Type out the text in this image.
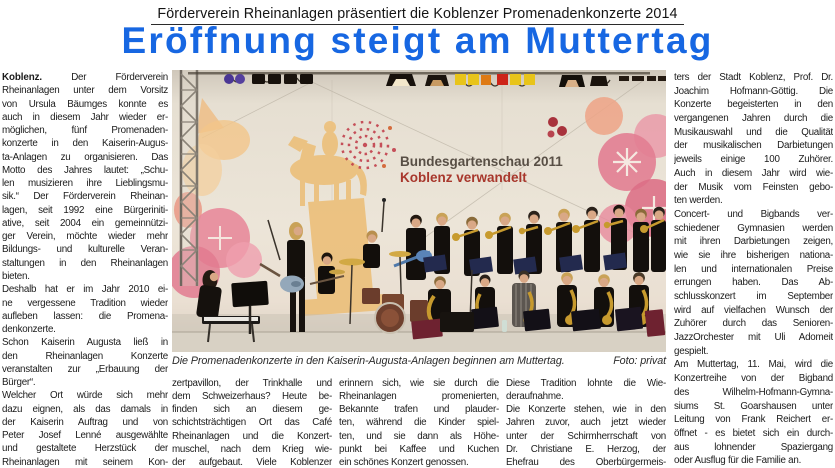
Förderverein Rheinanlagen präsentiert die Koblenzer Promenadenkonzerte 2014
Eröffnung steigt am Muttertag
Koblenz. Der Förderverein
Rheinanlagen unter dem Vorsitz
von Ursula Bäumges konnte es
auch in diesem Jahr wieder er-
möglichen, fünf Promenaden-
konzerte in den Kaiserin-Augus-
ta-Anlagen zu organisieren. Das
Motto des Jahres lautet: „Schu-
len musizieren ihre Lieblingsmu-
sik.“ Der Förderverein Rheinan-
lagen, seit 1992 eine Bürgeriniti-
ative, seit 2004 ein gemeinnützi-
ger Verein, möchte wieder mehr
Bildungs- und kulturelle Veran-
staltungen in den Rheinanlagen
bieten.
Deshalb hat er im Jahr 2010 ei-
ne vergessene Tradition wieder
aufleben lassen: die Promena-
denkonzerte.
Schon Kaiserin Augusta ließ in
den Rheinanlagen Konzerte
veranstalten zur „Erbauung der
Bürger“.
Welcher Ort würde sich mehr
dazu eignen, als das damals in
der Kaiserin Auftrag und von
Peter Josef Lenné ausgewählte
und gestaltete Herzstück der
Rheinanlagen mit seinem Kon-
Bundesgartenschau 2011
Koblenz verwandelt
Die Promenadenkonzerte in den Kaiserin-Augusta-Anlagen beginnen am Muttertag.	Foto: privat
zertpavillon, der Trinkhalle und
dem Schweizerhaus? Heute be-
finden sich an diesem ge-
schichtsträchtigen Ort das Café
Rheinanlagen und die Konzert-
muschel, nach dem Krieg wie-
der aufgebaut. Viele Koblenzer
erinnern sich, wie sie durch die
Rheinanlagen promenierten,
Bekannte trafen und plauder-
ten, während die Kinder spiel-
ten, und sie dann als Höhe-
punkt bei Kaffee und Kuchen
ein schönes Konzert genossen.
Diese Tradition lohnte die Wie-
deraufnahme.
Die Konzerte stehen, wie in den
Jahren zuvor, auch jetzt wieder
unter der Schirmherrschaft von
Dr. Christiane E. Herzog, der
Ehefrau des Oberbürgermeis-
ters der Stadt Koblenz, Prof. Dr.
Joachim Hofmann-Göttig. Die
Konzerte begeisterten in den
vergangenen Jahren durch die
Musikauswahl und die Qualität
der musikalischen Darbietungen
jeweils einige 100 Zuhörer.
Auch in diesem Jahr wird wie-
der Musik vom Feinsten gebo-
ten werden.
Concert- und Bigbands ver-
schiedener Gymnasien werden
mit ihren Darbietungen zeigen,
wie sie ihre bisherigen nationa-
len und internationalen Preise
errungen haben. Das Ab-
schlusskonzert im September
wird auf vielfachen Wunsch der
Zuhörer durch das Senioren-
JazzOrchester mit Uli Adomeit
gespielt.
Am Muttertag, 11. Mai, wird die
Konzertreihe von der Bigband
des Wilhelm-Hofmann-Gymna-
siums St. Goarshausen unter
Leitung von Frank Reichert er-
öffnet - es bietet sich ein durch-
aus lohnender Spaziergang
oder Ausflug für die Familie an.
